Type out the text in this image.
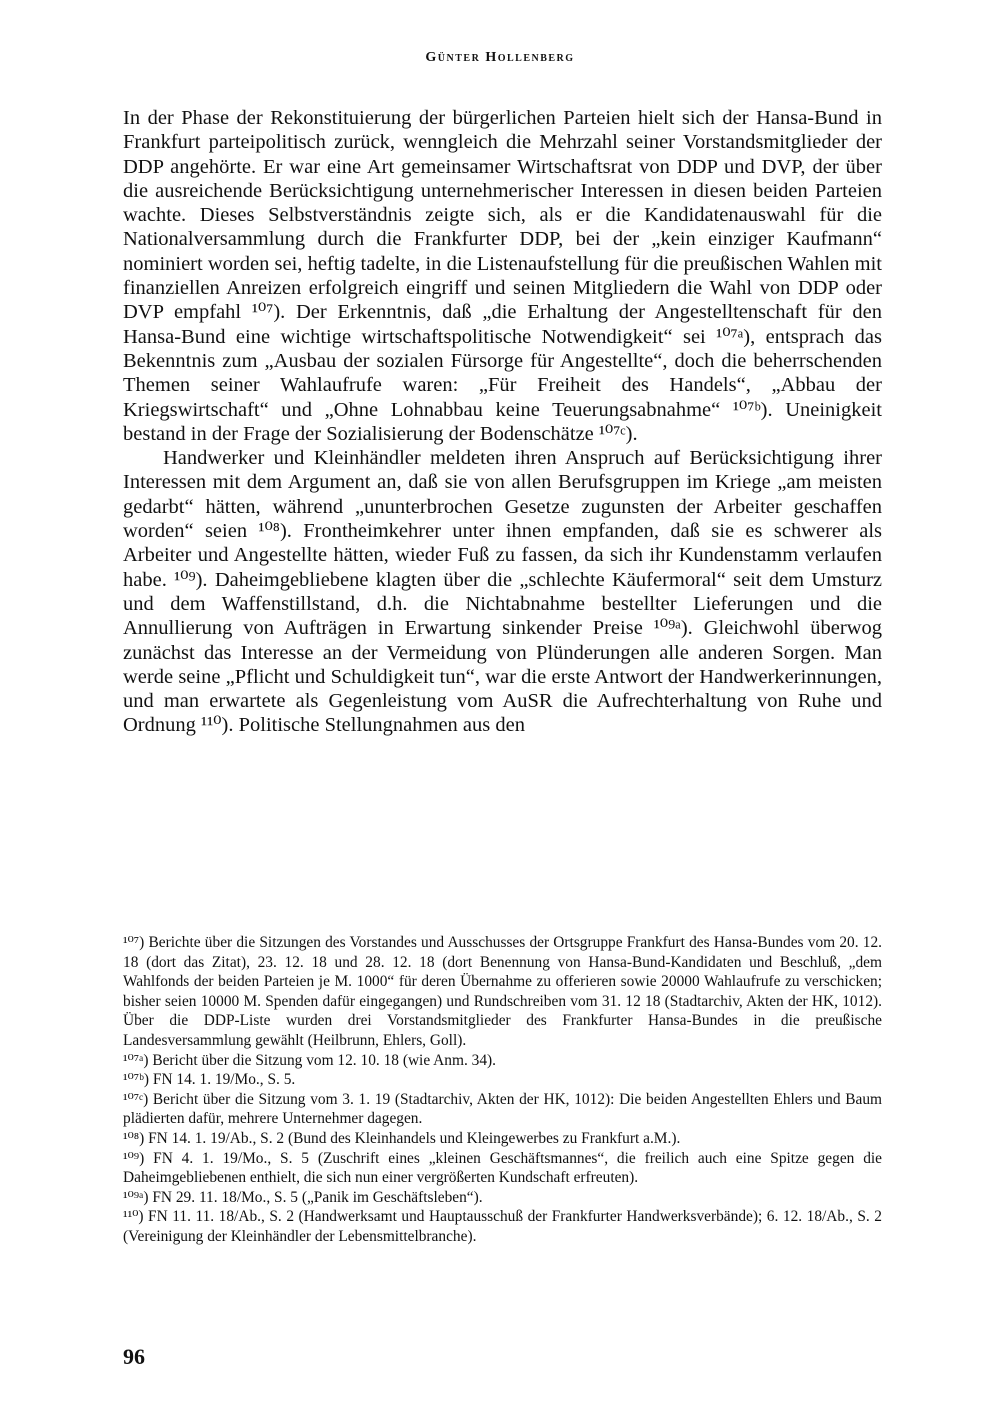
Günter Hollenberg

In der Phase der Rekonstituierung der bürgerlichen Parteien hielt sich der Hansa-Bund in Frankfurt parteipolitisch zurück, wenngleich die Mehrzahl seiner Vorstandsmitglieder der DDP angehörte. Er war eine Art gemeinsamer Wirtschaftsrat von DDP und DVP, der über die ausreichende Berücksichtigung unternehmerischer Interessen in diesen beiden Parteien wachte. Dieses Selbstverständnis zeigte sich, als er die Kandidatenauswahl für die Nationalversammlung durch die Frankfurter DDP, bei der „kein einziger Kaufmann“ nominiert worden sei, heftig tadelte, in die Listenaufstellung für die preußischen Wahlen mit finanziellen Anreizen erfolgreich eingriff und seinen Mitgliedern die Wahl von DDP oder DVP empfahl ¹⁰⁷). Der Erkenntnis, daß „die Erhaltung der Angestelltenschaft für den Hansa-Bund eine wichtige wirtschaftspolitische Notwendigkeit“ sei ¹⁰⁷ᵃ), entsprach das Bekenntnis zum „Ausbau der sozialen Fürsorge für Angestellte“, doch die beherrschenden Themen seiner Wahlaufrufe waren: „Für Freiheit des Handels“, „Abbau der Kriegswirtschaft“ und „Ohne Lohnabbau keine Teuerungsabnahme“ ¹⁰⁷ᵇ). Uneinigkeit bestand in der Frage der Sozialisierung der Bodenschätze ¹⁰⁷ᶜ).

Handwerker und Kleinhändler meldeten ihren Anspruch auf Berücksichtigung ihrer Interessen mit dem Argument an, daß sie von allen Berufsgruppen im Kriege „am meisten gedarbt“ hätten, während „ununterbrochen Gesetze zugunsten der Arbeiter geschaffen worden“ seien ¹⁰⁸). Frontheimkehrer unter ihnen empfanden, daß sie es schwerer als Arbeiter und Angestellte hätten, wieder Fuß zu fassen, da sich ihr Kundenstamm verlaufen habe. ¹⁰⁹). Daheimgebliebene klagten über die „schlechte Käufermoral“ seit dem Umsturz und dem Waffenstillstand, d.h. die Nichtabnahme bestellter Lieferungen und die Annullierung von Aufträgen in Erwartung sinkender Preise ¹⁰⁹ᵃ). Gleichwohl überwog zunächst das Interesse an der Vermeidung von Plünderungen alle anderen Sorgen. Man werde seine „Pflicht und Schuldigkeit tun“, war die erste Antwort der Handwerkerinnungen, und man erwartete als Gegenleistung vom AuSR die Aufrechterhaltung von Ruhe und Ordnung ¹¹⁰). Politische Stellungnahmen aus den

¹⁰⁷) Berichte über die Sitzungen des Vorstandes und Ausschusses der Ortsgruppe Frankfurt des Hansa-Bundes vom 20. 12. 18 (dort das Zitat), 23. 12. 18 und 28. 12. 18 (dort Benennung von Hansa-Bund-Kandidaten und Beschluß, „dem Wahlfonds der beiden Parteien je M. 1000“ für deren Übernahme zu offerieren sowie 20000 Wahlaufrufe zu verschicken; bisher seien 10000 M. Spenden dafür eingegangen) und Rundschreiben vom 31. 12 18 (Stadtarchiv, Akten der HK, 1012). Über die DDP-Liste wurden drei Vorstandsmitglieder des Frankfurter Hansa-Bundes in die preußische Landesversammlung gewählt (Heilbrunn, Ehlers, Goll).

¹⁰⁷ᵃ) Bericht über die Sitzung vom 12. 10. 18 (wie Anm. 34).

¹⁰⁷ᵇ) FN 14. 1. 19/Mo., S. 5.

¹⁰⁷ᶜ) Bericht über die Sitzung vom 3. 1. 19 (Stadtarchiv, Akten der HK, 1012): Die beiden Angestellten Ehlers und Baum plädierten dafür, mehrere Unternehmer dagegen.

¹⁰⁸) FN 14. 1. 19/Ab., S. 2 (Bund des Kleinhandels und Kleingewerbes zu Frankfurt a.M.).

¹⁰⁹) FN 4. 1. 19/Mo., S. 5 (Zuschrift eines „kleinen Geschäftsmannes“, die freilich auch eine Spitze gegen die Daheimgebliebenen enthielt, die sich nun einer vergrößerten Kundschaft erfreuten).

¹⁰⁹ᵃ) FN 29. 11. 18/Mo., S. 5 („Panik im Geschäftsleben“).

¹¹⁰) FN 11. 11. 18/Ab., S. 2 (Handwerksamt und Hauptausschuß der Frankfurter Handwerksverbände); 6. 12. 18/Ab., S. 2 (Vereinigung der Kleinhändler der Lebensmittelbranche).

96
